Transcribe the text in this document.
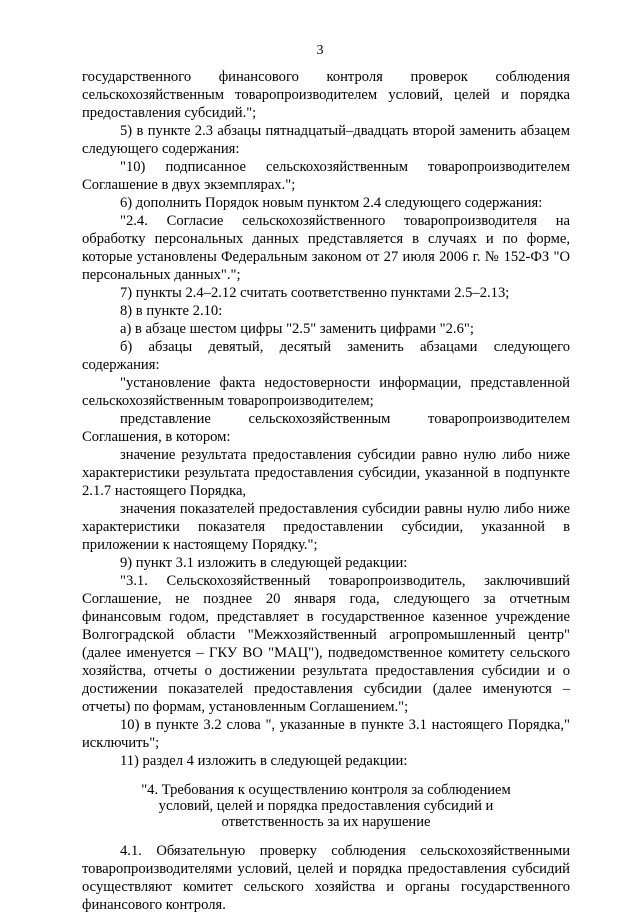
3

государственного финансового контроля проверок соблюдения сельскохозяйственным товаропроизводителем условий, целей и порядка предоставления субсидий.";

5) в пункте 2.3 абзацы пятнадцатый–двадцать второй заменить абзацем следующего содержания:

"10) подписанное сельскохозяйственным товаропроизводителем Соглашение в двух экземплярах.";

6) дополнить Порядок новым пунктом 2.4 следующего содержания:

"2.4. Согласие сельскохозяйственного товаропроизводителя на обработку персональных данных представляется в случаях и по форме, которые установлены Федеральным законом от 27 июля 2006 г. № 152-ФЗ "О персональных данных".";

7) пункты 2.4–2.12 считать соответственно пунктами 2.5–2.13;

8) в пункте 2.10:

а) в абзаце шестом цифры "2.5" заменить цифрами "2.6";

б) абзацы девятый, десятый заменить абзацами следующего содержания:

"установление факта недостоверности информации, представленной сельскохозяйственным товаропроизводителем;

представление сельскохозяйственным товаропроизводителем Соглашения, в котором:

значение результата предоставления субсидии равно нулю либо ниже характеристики результата предоставления субсидии, указанной в подпункте 2.1.7 настоящего Порядка,

значения показателей предоставления субсидии равны нулю либо ниже характеристики показателя предоставлении субсидии, указанной в приложении к настоящему Порядку.";

9) пункт 3.1 изложить в следующей редакции:

"3.1. Сельскохозяйственный товаропроизводитель, заключивший Соглашение, не позднее 20 января года, следующего за отчетным финансовым годом, представляет в государственное казенное учреждение Волгоградской области "Межхозяйственный агропромышленный центр" (далее именуется – ГКУ ВО "МАЦ"), подведомственное комитету сельского хозяйства, отчеты о достижении результата предоставления субсидии и о достижении показателей предоставления субсидии (далее именуются – отчеты) по формам, установленным Соглашением.";

10) в пункте 3.2 слова ", указанные в пункте 3.1 настоящего Порядка," исключить";

11) раздел 4 изложить в следующей редакции:

"4. Требования к осуществлению контроля за соблюдением условий, целей и порядка предоставления субсидий и ответственность за их нарушение

4.1. Обязательную проверку соблюдения сельскохозяйственными товаропроизводителями условий, целей и порядка предоставления субсидий осуществляют комитет сельского хозяйства и органы государственного финансового контроля.
